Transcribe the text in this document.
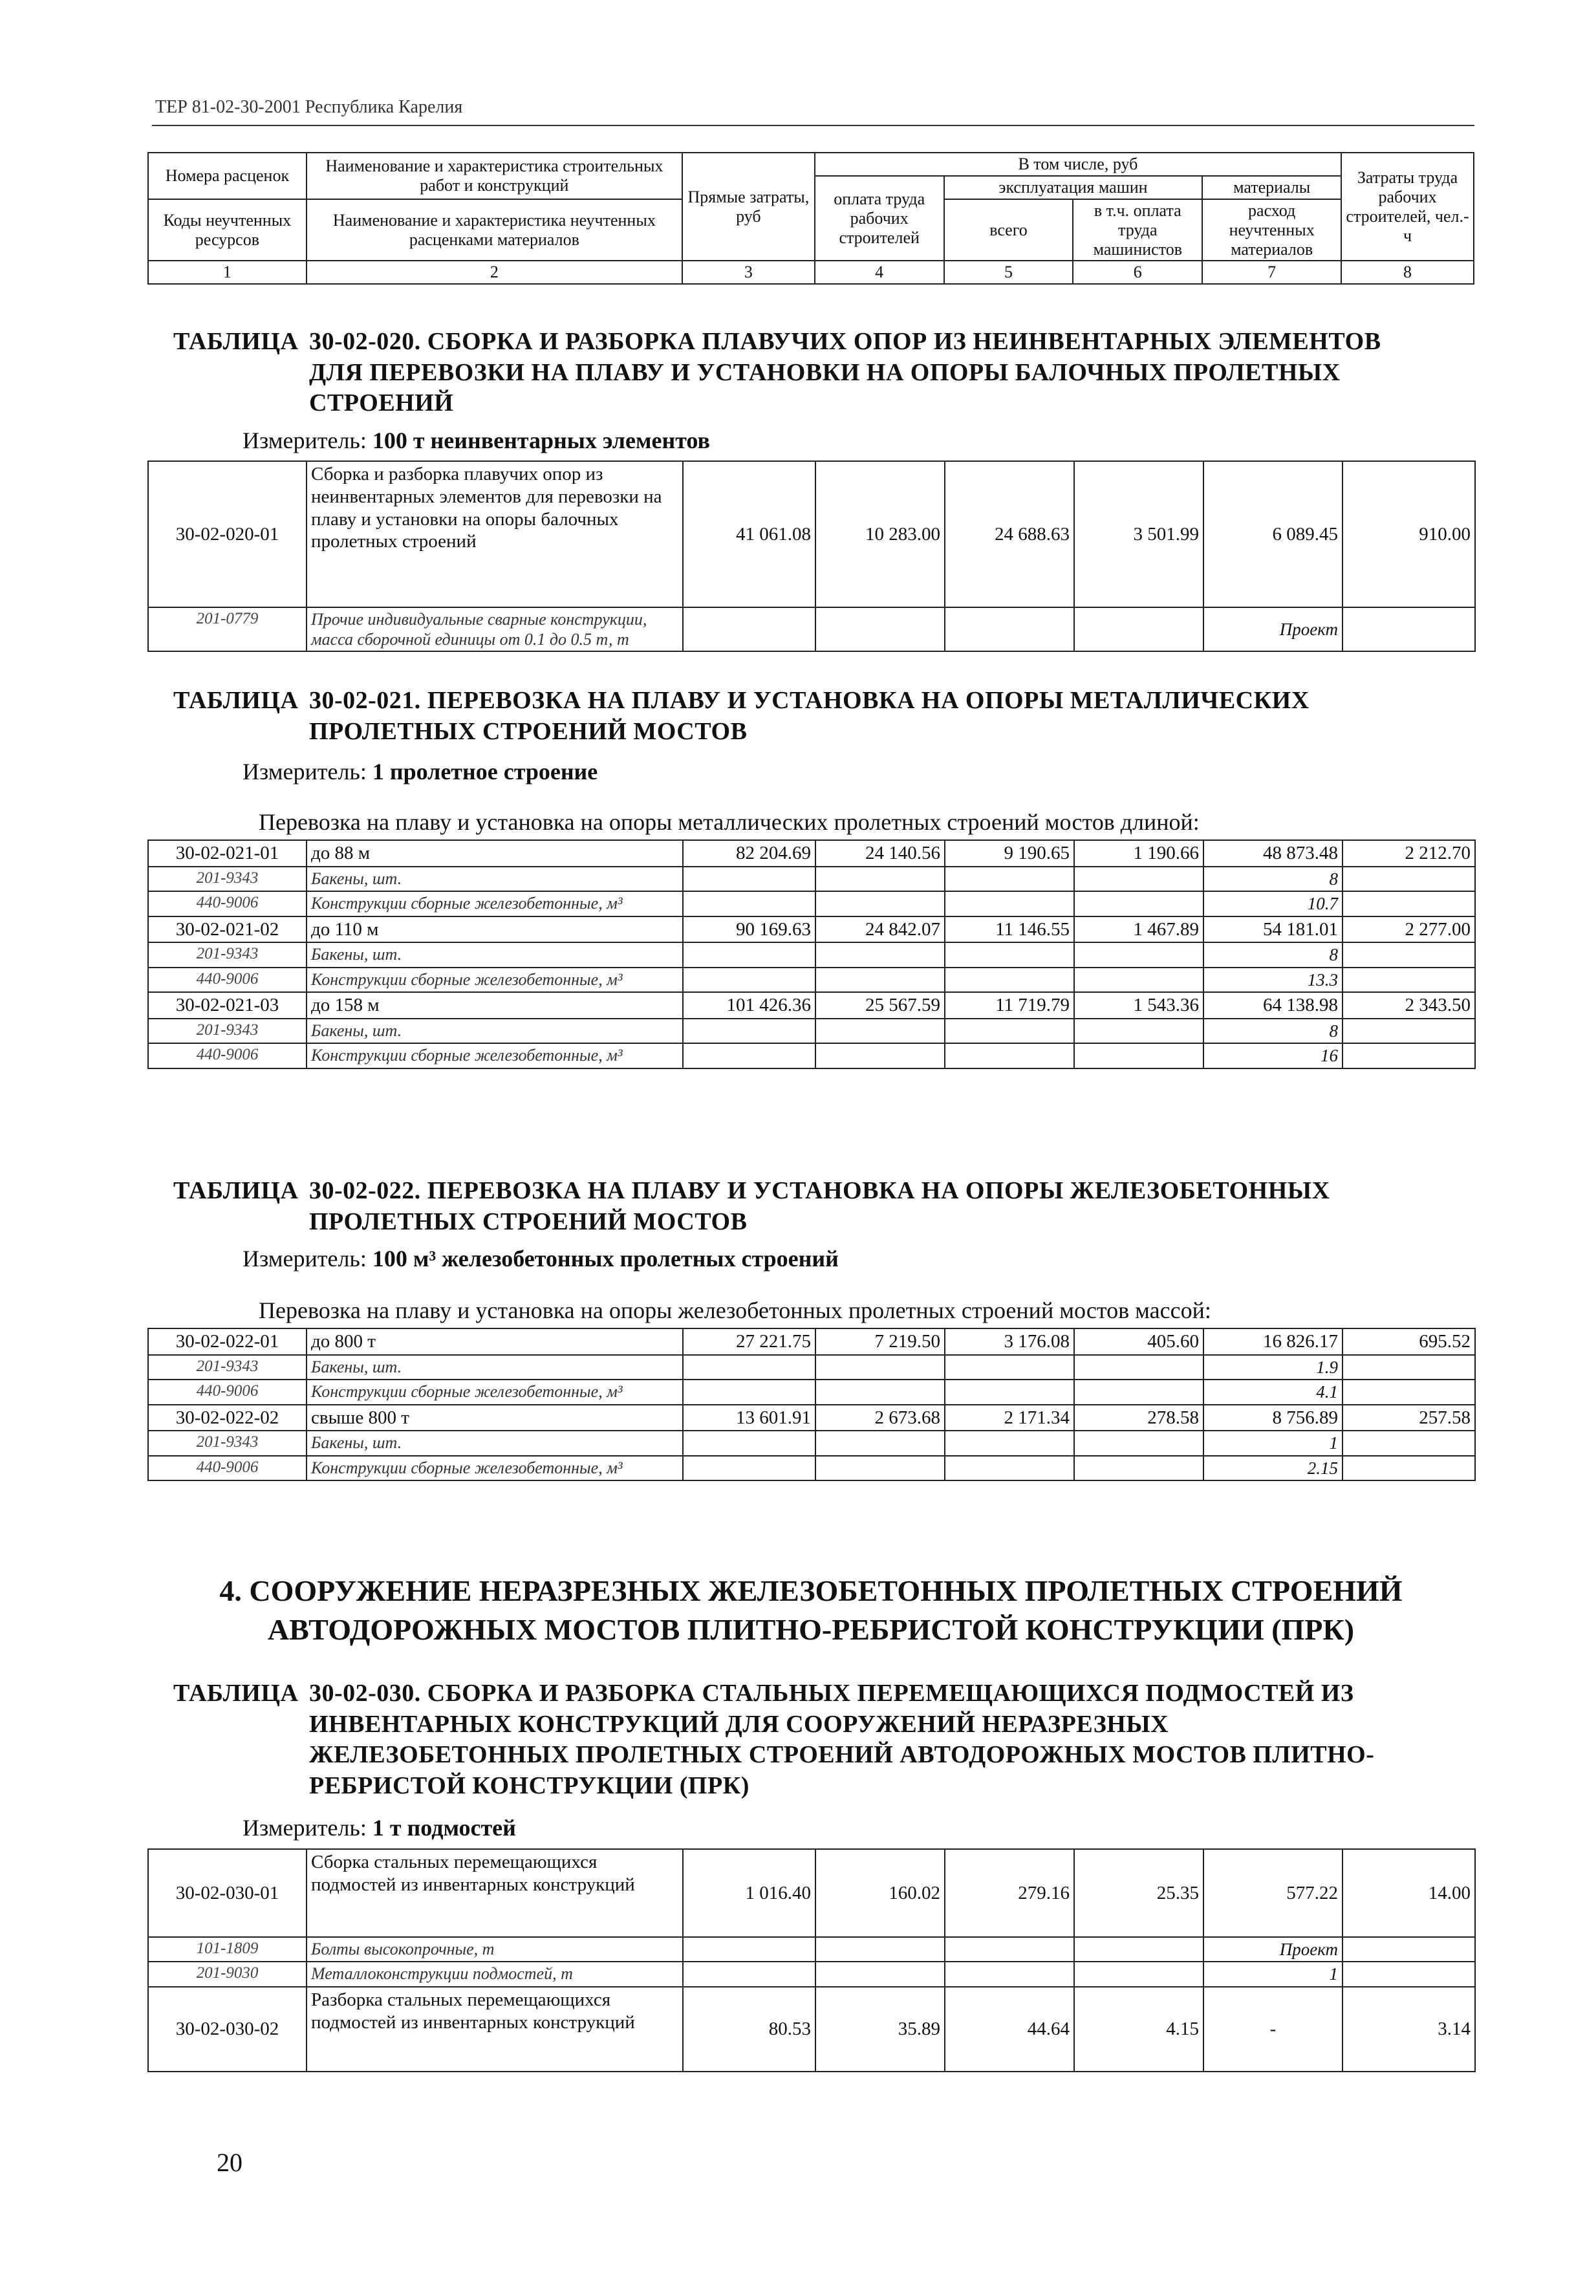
ТЕР 81-02-30-2001 Республика Карелия
Номера расценок	Наименование и характеристика строительных работ и конструкций	Прямые затраты, руб	В том числе, руб				Затраты труда рабочих строителей, чел.-ч
			оплата труда рабочих строителей	эксплуатация машин		материалы	
Коды неучтенных ресурсов	Наименование и характеристика неучтенных расценками материалов			всего	в т.ч. оплата труда машинистов	расход неучтенных материалов	

1	2	3	4	5	6	7	8
ТАБЛИЦА 30-02-020. СБОРКА И РАЗБОРКА ПЛАВУЧИХ ОПОР ИЗ НЕИНВЕНТАРНЫХ ЭЛЕМЕНТОВ ДЛЯ ПЕРЕВОЗКИ НА ПЛАВУ И УСТАНОВКИ НА ОПОРЫ БАЛОЧНЫХ ПРОЛЕТНЫХ СТРОЕНИЙ
Измеритель: 100 т неинвентарных элементов
30-02-020-01	Сборка и разборка плавучих опор из неинвентарных элементов для перевозки на плаву и установки на опоры балочных пролетных строений	41 061.08	10 283.00	24 688.63	3 501.99	6 089.45	910.00
201-0779	Прочие индивидуальные сварные конструкции, масса сборочной единицы от 0.1 до 0.5 т, т					Проект	
ТАБЛИЦА 30-02-021. ПЕРЕВОЗКА НА ПЛАВУ И УСТАНОВКА НА ОПОРЫ МЕТАЛЛИЧЕСКИХ ПРОЛЕТНЫХ СТРОЕНИЙ МОСТОВ
Измеритель: 1 пролетное строение
Перевозка на плаву и установка на опоры металлических пролетных строений мостов длиной:
30-02-021-01	до 88 м	82 204.69	24 140.56	9 190.65	1 190.66	48 873.48	2 212.70
201-9343	Бакены, шт.					8	
440-9006	Конструкции сборные железобетонные, м³					10.7	
30-02-021-02	до 110 м	90 169.63	24 842.07	11 146.55	1 467.89	54 181.01	2 277.00
201-9343	Бакены, шт.					8	
440-9006	Конструкции сборные железобетонные, м³					13.3	
30-02-021-03	до 158 м	101 426.36	25 567.59	11 719.79	1 543.36	64 138.98	2 343.50
201-9343	Бакены, шт.					8	
440-9006	Конструкции сборные железобетонные, м³					16	
ТАБЛИЦА 30-02-022. ПЕРЕВОЗКА НА ПЛАВУ И УСТАНОВКА НА ОПОРЫ ЖЕЛЕЗОБЕТОННЫХ ПРОЛЕТНЫХ СТРОЕНИЙ МОСТОВ
Измеритель: 100 м³ железобетонных пролетных строений
Перевозка на плаву и установка на опоры железобетонных пролетных строений мостов массой:
30-02-022-01	до 800 т	27 221.75	7 219.50	3 176.08	405.60	16 826.17	695.52
201-9343	Бакены, шт.					1.9	
440-9006	Конструкции сборные железобетонные, м³					4.1	
30-02-022-02	свыше 800 т	13 601.91	2 673.68	2 171.34	278.58	8 756.89	257.58
201-9343	Бакены, шт.					1	
440-9006	Конструкции сборные железобетонные, м³					2.15	
4. СООРУЖЕНИЕ НЕРАЗРЕЗНЫХ ЖЕЛЕЗОБЕТОННЫХ ПРОЛЕТНЫХ СТРОЕНИЙ АВТОДОРОЖНЫХ МОСТОВ ПЛИТНО-РЕБРИСТОЙ КОНСТРУКЦИИ (ПРК)
ТАБЛИЦА 30-02-030. СБОРКА И РАЗБОРКА СТАЛЬНЫХ ПЕРЕМЕЩАЮЩИХСЯ ПОДМОСТЕЙ ИЗ ИНВЕНТАРНЫХ КОНСТРУКЦИЙ ДЛЯ СООРУЖЕНИЙ НЕРАЗРЕЗНЫХ ЖЕЛЕЗОБЕТОННЫХ ПРОЛЕТНЫХ СТРОЕНИЙ АВТОДОРОЖНЫХ МОСТОВ ПЛИТНО-РЕБРИСТОЙ КОНСТРУКЦИИ (ПРК)
Измеритель: 1 т подмостей
30-02-030-01	Сборка стальных перемещающихся подмостей из инвентарных конструкций	1 016.40	160.02	279.16	25.35	577.22	14.00
101-1809	Болты высокопрочные, т					Проект	
201-9030	Металлоконструкции подмостей, т					1	
30-02-030-02	Разборка стальных перемещающихся подмостей из инвентарных конструкций	80.53	35.89	44.64	4.15	-	3.14
20
